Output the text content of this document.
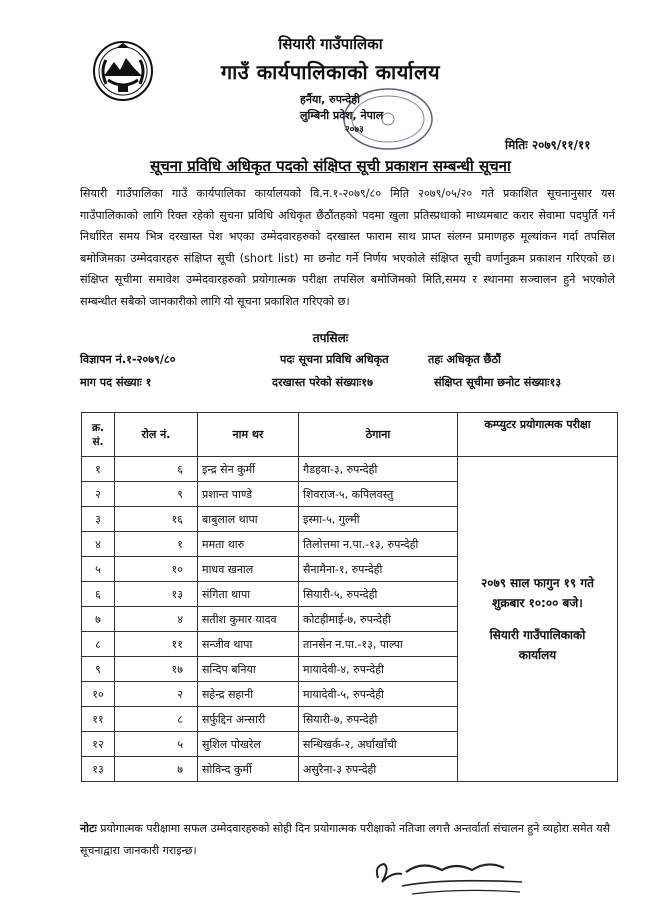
सियारी गाउँपालिका
गाउँ कार्यपालिकाको कार्यालय
हर्नैया, रुपन्देही
लुम्बिनी प्रदेश, नेपाल
२०७३
मितिः २०७९/११/११
सूचना प्रविधि अधिकृत पदको संक्षिप्त सूची प्रकाशन सम्बन्धी सूचना
सियारी गाउँपालिका गाउँ कार्यपालिका कार्यालयको वि.न.१-२०७९/८० मिति २०७९/०५/२० गते प्रकाशित सूचनानुसार यस गाउँपालिकाको लागि रिक्त रहेको सुचना प्रविधि अधिकृत छैंठौंतहको पदमा खुला प्रतिस्प्रधाको माध्यमबाट करार सेवामा पदपुर्ति गर्न निर्धारित समय भित्र दरखास्त पेश भएका उम्मेदवारहरुको दरखास्त फाराम साथ प्राप्त संलग्न प्रमाणहरु मूल्यांकन गर्दा तपसिल बमोजिमका उम्मेदवारहरु संक्षिप्त सूची (short list) मा छनोट गर्ने निर्णय भएकोले संक्षिप्त सूची वर्णानुक्रम प्रकाशन गरिएको छ। संक्षिप्त सूचीमा समावेश उम्मेदवारहरुको प्रयोगात्मक परीक्षा तपसिल बमोजिमको मिति,समय र स्थानमा सञ्चालन हुने भएकोले सम्बन्धीत सबैको जानकारीको लागि यो सूचना प्रकाशित गरिएको छ।
तपसिलः
विज्ञापन नं.१-२०७९/८०	पदः सूचना प्रविधि अधिकृत	तहः अधिकृत छैंठौं
माग पद संख्याः १	दरखास्त परेको संख्याः१७	संक्षिप्त सूचीमा छनोट संख्याः१३
क्र. सं.	रोल नं.	नाम थर	ठेगाना	कम्प्युटर प्रयोगात्मक परीक्षा
१	६	इन्द्र सेन कुर्मी	गैडहवा-३, रुपन्देही	२०७९ साल फागुन १९ गते
शुक्रबार १०:०० बजे।
सियारी गाउँपालिकाको
कार्यालय

२	९	प्रशान्त पाण्डे	शिवराज-५, कपिलवस्तु	
३	१६	बाबुलाल थापा	इस्मा-५, गुल्मी	
४	१	ममता थारु	तिलोत्तमा न.पा.-१३, रुपन्देही	
५	१०	माधव खनाल	सैनामैना-१, रुपन्देही	
६	१३	संगिता थापा	सियारी-५, रुपन्देही	
७	४	सतीश कुमार यादव	कोटहीमाई-७, रुपन्देही	
८	११	सन्जीव थापा	तानसेन न.पा.-१३, पाल्पा	
९	१७	सन्दिप बनिया	मायादेवी-४, रुपन्देही	
१०	२	सहेन्द्र सहानी	मायादेवी-५, रुपन्देही	
११	८	सर्फुद्दिन अन्सारी	सियारी-७, रुपन्देही	
१२	५	सुशिल पोखरेल	सन्धिखर्क-२, अर्घाखाँची	
१३	७	सोविन्द कुर्मी	असुरैना-३ रुपन्देही	
नोटः प्रयोगात्मक परीक्षामा सफल उम्मेदवारहरुको सोही दिन प्रयोगात्मक परीक्षाको नतिजा लगत्तै अन्तर्वार्ता संचालन हुने व्यहोरा समेत यसै सूचनाद्वारा जानकारी गराइन्छ।
